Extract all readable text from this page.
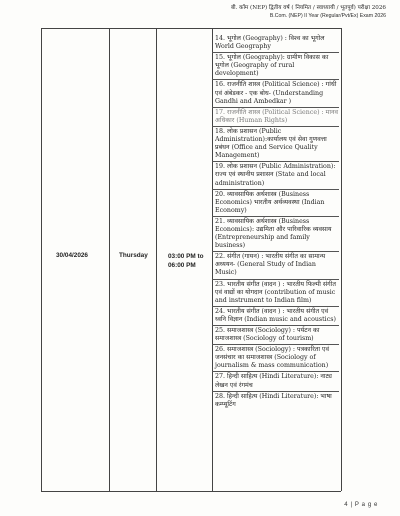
बी. कॉम (NEP) द्वितीय वर्ष ( नियमित / स्वाध्यायी / भूतपूर्व) परीक्षा 2026
B.Com. (NEP) II Year (Regular/Pvt/Ex) Exam 2026
30/04/2026	Thursday	03:00 PM to 06:00 PM
14. भूगोल (Geography) : विश्व का भूगोल World Geography
15. भूगोल (Geography): ग्रामीण विकास का भूगोल (Geography of rural development)
16. राजनीति शास्त्र (Political Science) : गांधी एवं अंबेडकर - एक बोध- (Understanding Gandhi and Ambedkar )
17. राजनीति शास्त्र (Political Science) : मानव अधिकार (Human Rights)
18. लोक प्रशासन (Public Administration):कार्यालय एवं सेवा गुणवत्ता प्रबंधन (Office and Service Quality Management)
19. लोक प्रशासन (Public Administration): राज्य एवं स्थानीय प्रशासन (State and local administration)
20. व्यावसायिक अर्थशास्त्र (Business Economics) भारतीय अर्थव्यवस्था (Indian Economy)
21. व्यावसायिक अर्थशास्त्र (Business Economics): उद्यमिता और पारिवारिक व्यवसाय (Entrepreneurship and family business)
22. संगीत (गायन) : भारतीय संगीत का सामान्य अध्ययन- (General Study of Indian Music)
23. भारतीय संगीत (वादन ) : भारतीय फिल्मी संगीत एवं वाद्यों का योगदान (contribution of music and instrument to Indian film)
24. भारतीय संगीत (वादन ) : भारतीय संगीत एवं ध्वनि विज्ञान (Indian music and acoustics)
25. समाजशास्त्र (Sociology) : पर्यटन का समाजशास्त्र (Sociology of tourism)
26. समाजशास्त्र (Sociology) : पत्रकारिता एवं जनसंचार का समाजशास्त्र (Sociology of journalism & mass communication)
27. हिन्दी साहित्य (Hindi Literature): नाट्य लेखन एवं रंगमंच
28. हिन्दी साहित्य (Hindi Literature): भाषा कम्प्यूटिंग
4 | P a g e
